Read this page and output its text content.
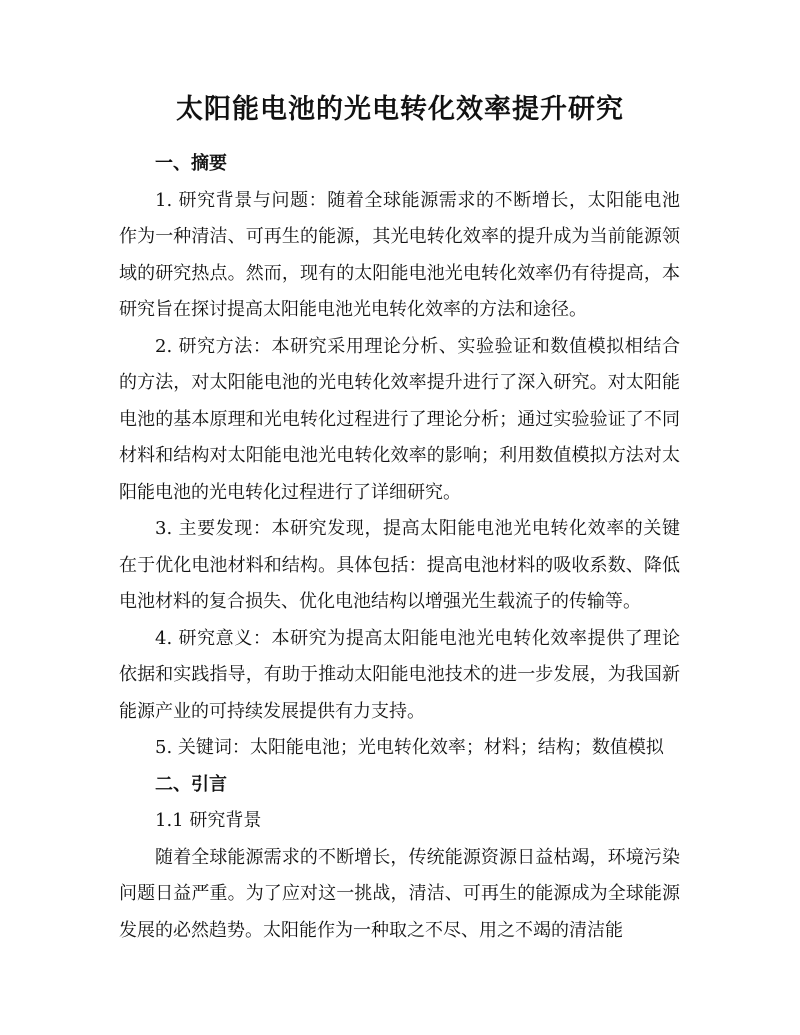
太阳能电池的光电转化效率提升研究

一、摘要

1. 研究背景与问题：随着全球能源需求的不断增长，太阳能电池作为一种清洁、可再生的能源，其光电转化效率的提升成为当前能源领域的研究热点。然而，现有的太阳能电池光电转化效率仍有待提高，本研究旨在探讨提高太阳能电池光电转化效率的方法和途径。

2. 研究方法：本研究采用理论分析、实验验证和数值模拟相结合的方法，对太阳能电池的光电转化效率提升进行了深入研究。对太阳能电池的基本原理和光电转化过程进行了理论分析；通过实验验证了不同材料和结构对太阳能电池光电转化效率的影响；利用数值模拟方法对太阳能电池的光电转化过程进行了详细研究。

3. 主要发现：本研究发现，提高太阳能电池光电转化效率的关键在于优化电池材料和结构。具体包括：提高电池材料的吸收系数、降低电池材料的复合损失、优化电池结构以增强光生载流子的传输等。

4. 研究意义：本研究为提高太阳能电池光电转化效率提供了理论依据和实践指导，有助于推动太阳能电池技术的进一步发展，为我国新能源产业的可持续发展提供有力支持。

5. 关键词：太阳能电池；光电转化效率；材料；结构；数值模拟

二、引言

1.1 研究背景

随着全球能源需求的不断增长，传统能源资源日益枯竭，环境污染问题日益严重。为了应对这一挑战，清洁、可再生的能源成为全球能源发展的必然趋势。太阳能作为一种取之不尽、用之不竭的清洁能
